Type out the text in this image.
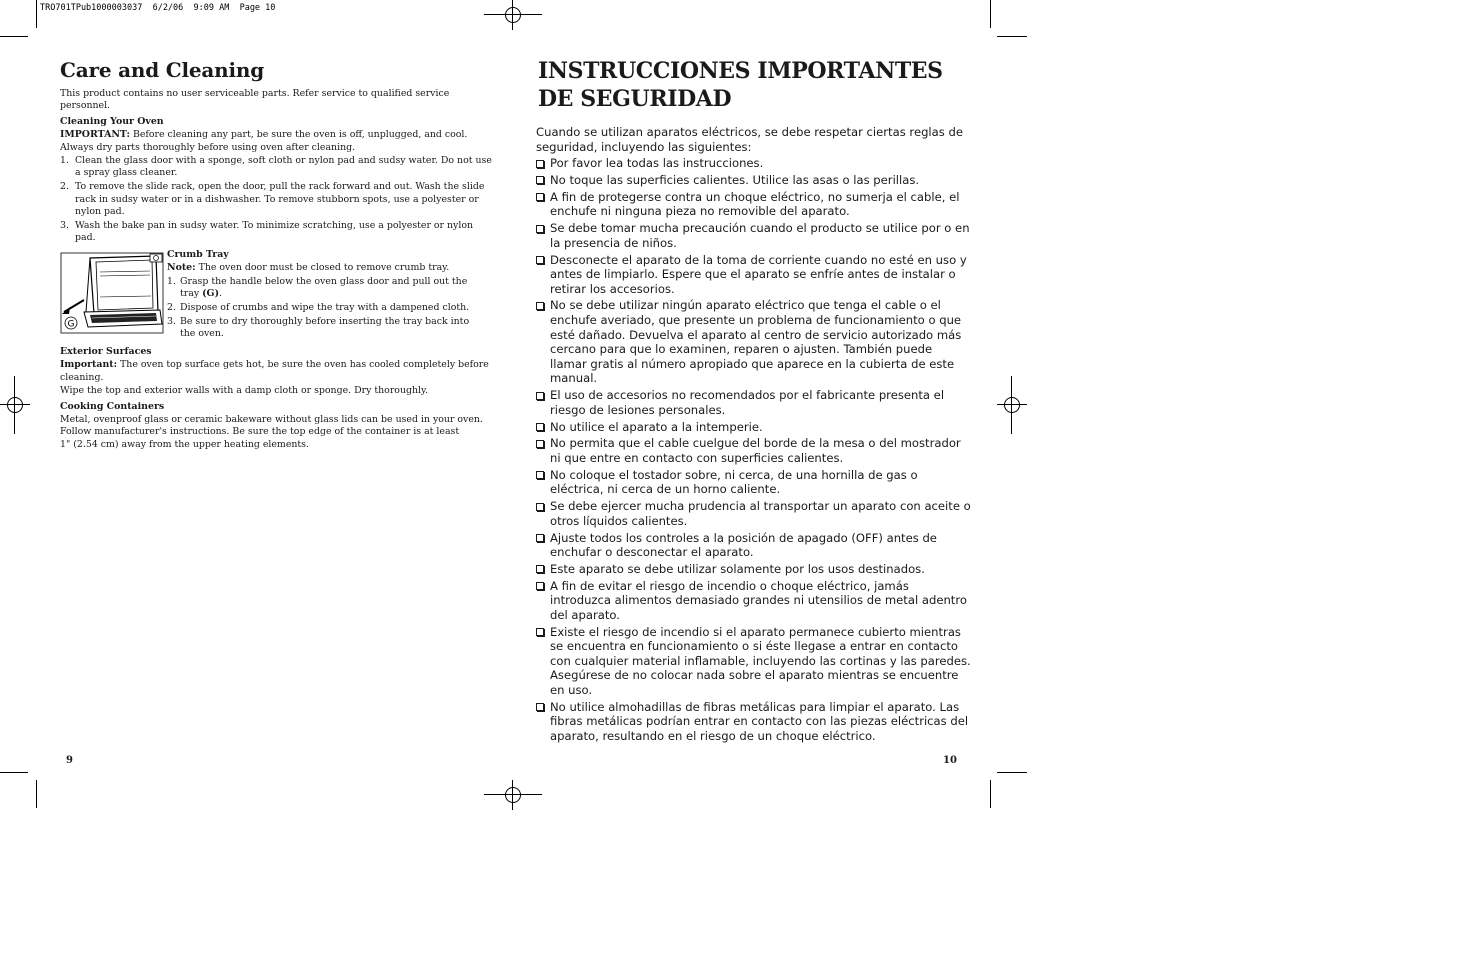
TRO701TPub1000003037  6/2/06  9:09 AM  Page 10
Care and Cleaning

This product contains no user serviceable parts. Refer service to qualified service personnel.

Cleaning Your Oven

IMPORTANT: Before cleaning any part, be sure the oven is off, unplugged, and cool. Always dry parts thoroughly before using oven after cleaning.

1. Clean the glass door with a sponge, soft cloth or nylon pad and sudsy water. Do not use a spray glass cleaner.
2. To remove the slide rack, open the door, pull the rack forward and out. Wash the slide rack in sudsy water or in a dishwasher. To remove stubborn spots, use a polyester or nylon pad.
3. Wash the bake pan in sudsy water. To minimize scratching, use a polyester or nylon pad.
G

Crumb Tray

Note: The oven door must be closed to remove crumb tray.

1. Grasp the handle below the oven glass door and pull out the tray (G).
2. Dispose of crumbs and wipe the tray with a dampened cloth.
3. Be sure to dry thoroughly before inserting the tray back into the oven.

Exterior Surfaces

Important: The oven top surface gets hot, be sure the oven has cooled completely before cleaning.

Wipe the top and exterior walls with a damp cloth or sponge. Dry thoroughly.

Cooking Containers

Metal, ovenproof glass or ceramic bakeware without glass lids can be used in your oven. Follow manufacturer's instructions. Be sure the top edge of the container is at least
1" (2.54 cm) away from the upper heating elements.

9
INSTRUCCIONES IMPORTANTES
DE SEGURIDAD

Cuando se utilizan aparatos eléctricos, se debe respetar ciertas reglas de seguridad, incluyendo las siguientes:

Por favor lea todas las instrucciones.
No toque las superficies calientes. Utilice las asas o las perillas.
A fin de protegerse contra un choque eléctrico, no sumerja el cable, el enchufe ni ninguna pieza no removible del aparato.
Se debe tomar mucha precaución cuando el producto se utilice por o en la presencia de niños.
Desconecte el aparato de la toma de corriente cuando no esté en uso y antes de limpiarlo. Espere que el aparato se enfríe antes de instalar o retirar los accesorios.
No se debe utilizar ningún aparato eléctrico que tenga el cable o el enchufe averiado, que presente un problema de funcionamiento o que esté dañado. Devuelva el aparato al centro de servicio autorizado más cercano para que lo examinen, reparen o ajusten. También puede llamar gratis al número apropiado que aparece en la cubierta de este manual.
El uso de accesorios no recomendados por el fabricante presenta el riesgo de lesiones personales.
No utilice el aparato a la intemperie.
No permita que el cable cuelgue del borde de la mesa o del mostrador ni que entre en contacto con superficies calientes.
No coloque el tostador sobre, ni cerca, de una hornilla de gas o eléctrica, ni cerca de un horno caliente.
Se debe ejercer mucha prudencia al transportar un aparato con aceite o otros líquidos calientes.
Ajuste todos los controles a la posición de apagado (OFF) antes de enchufar o desconectar el aparato.
Este aparato se debe utilizar solamente por los usos destinados.
A fin de evitar el riesgo de incendio o choque eléctrico, jamás introduzca alimentos demasiado grandes ni utensilios de metal adentro del aparato.
Existe el riesgo de incendio si el aparato permanece cubierto mientras se encuentra en funcionamiento o si éste llegase a entrar en contacto con cualquier material inflamable, incluyendo las cortinas y las paredes. Asegúrese de no colocar nada sobre el aparato mientras se encuentre en uso.
No utilice almohadillas de fibras metálicas para limpiar el aparato. Las fibras metálicas podrían entrar en contacto con las piezas eléctricas del aparato, resultando en el riesgo de un choque eléctrico.
10
